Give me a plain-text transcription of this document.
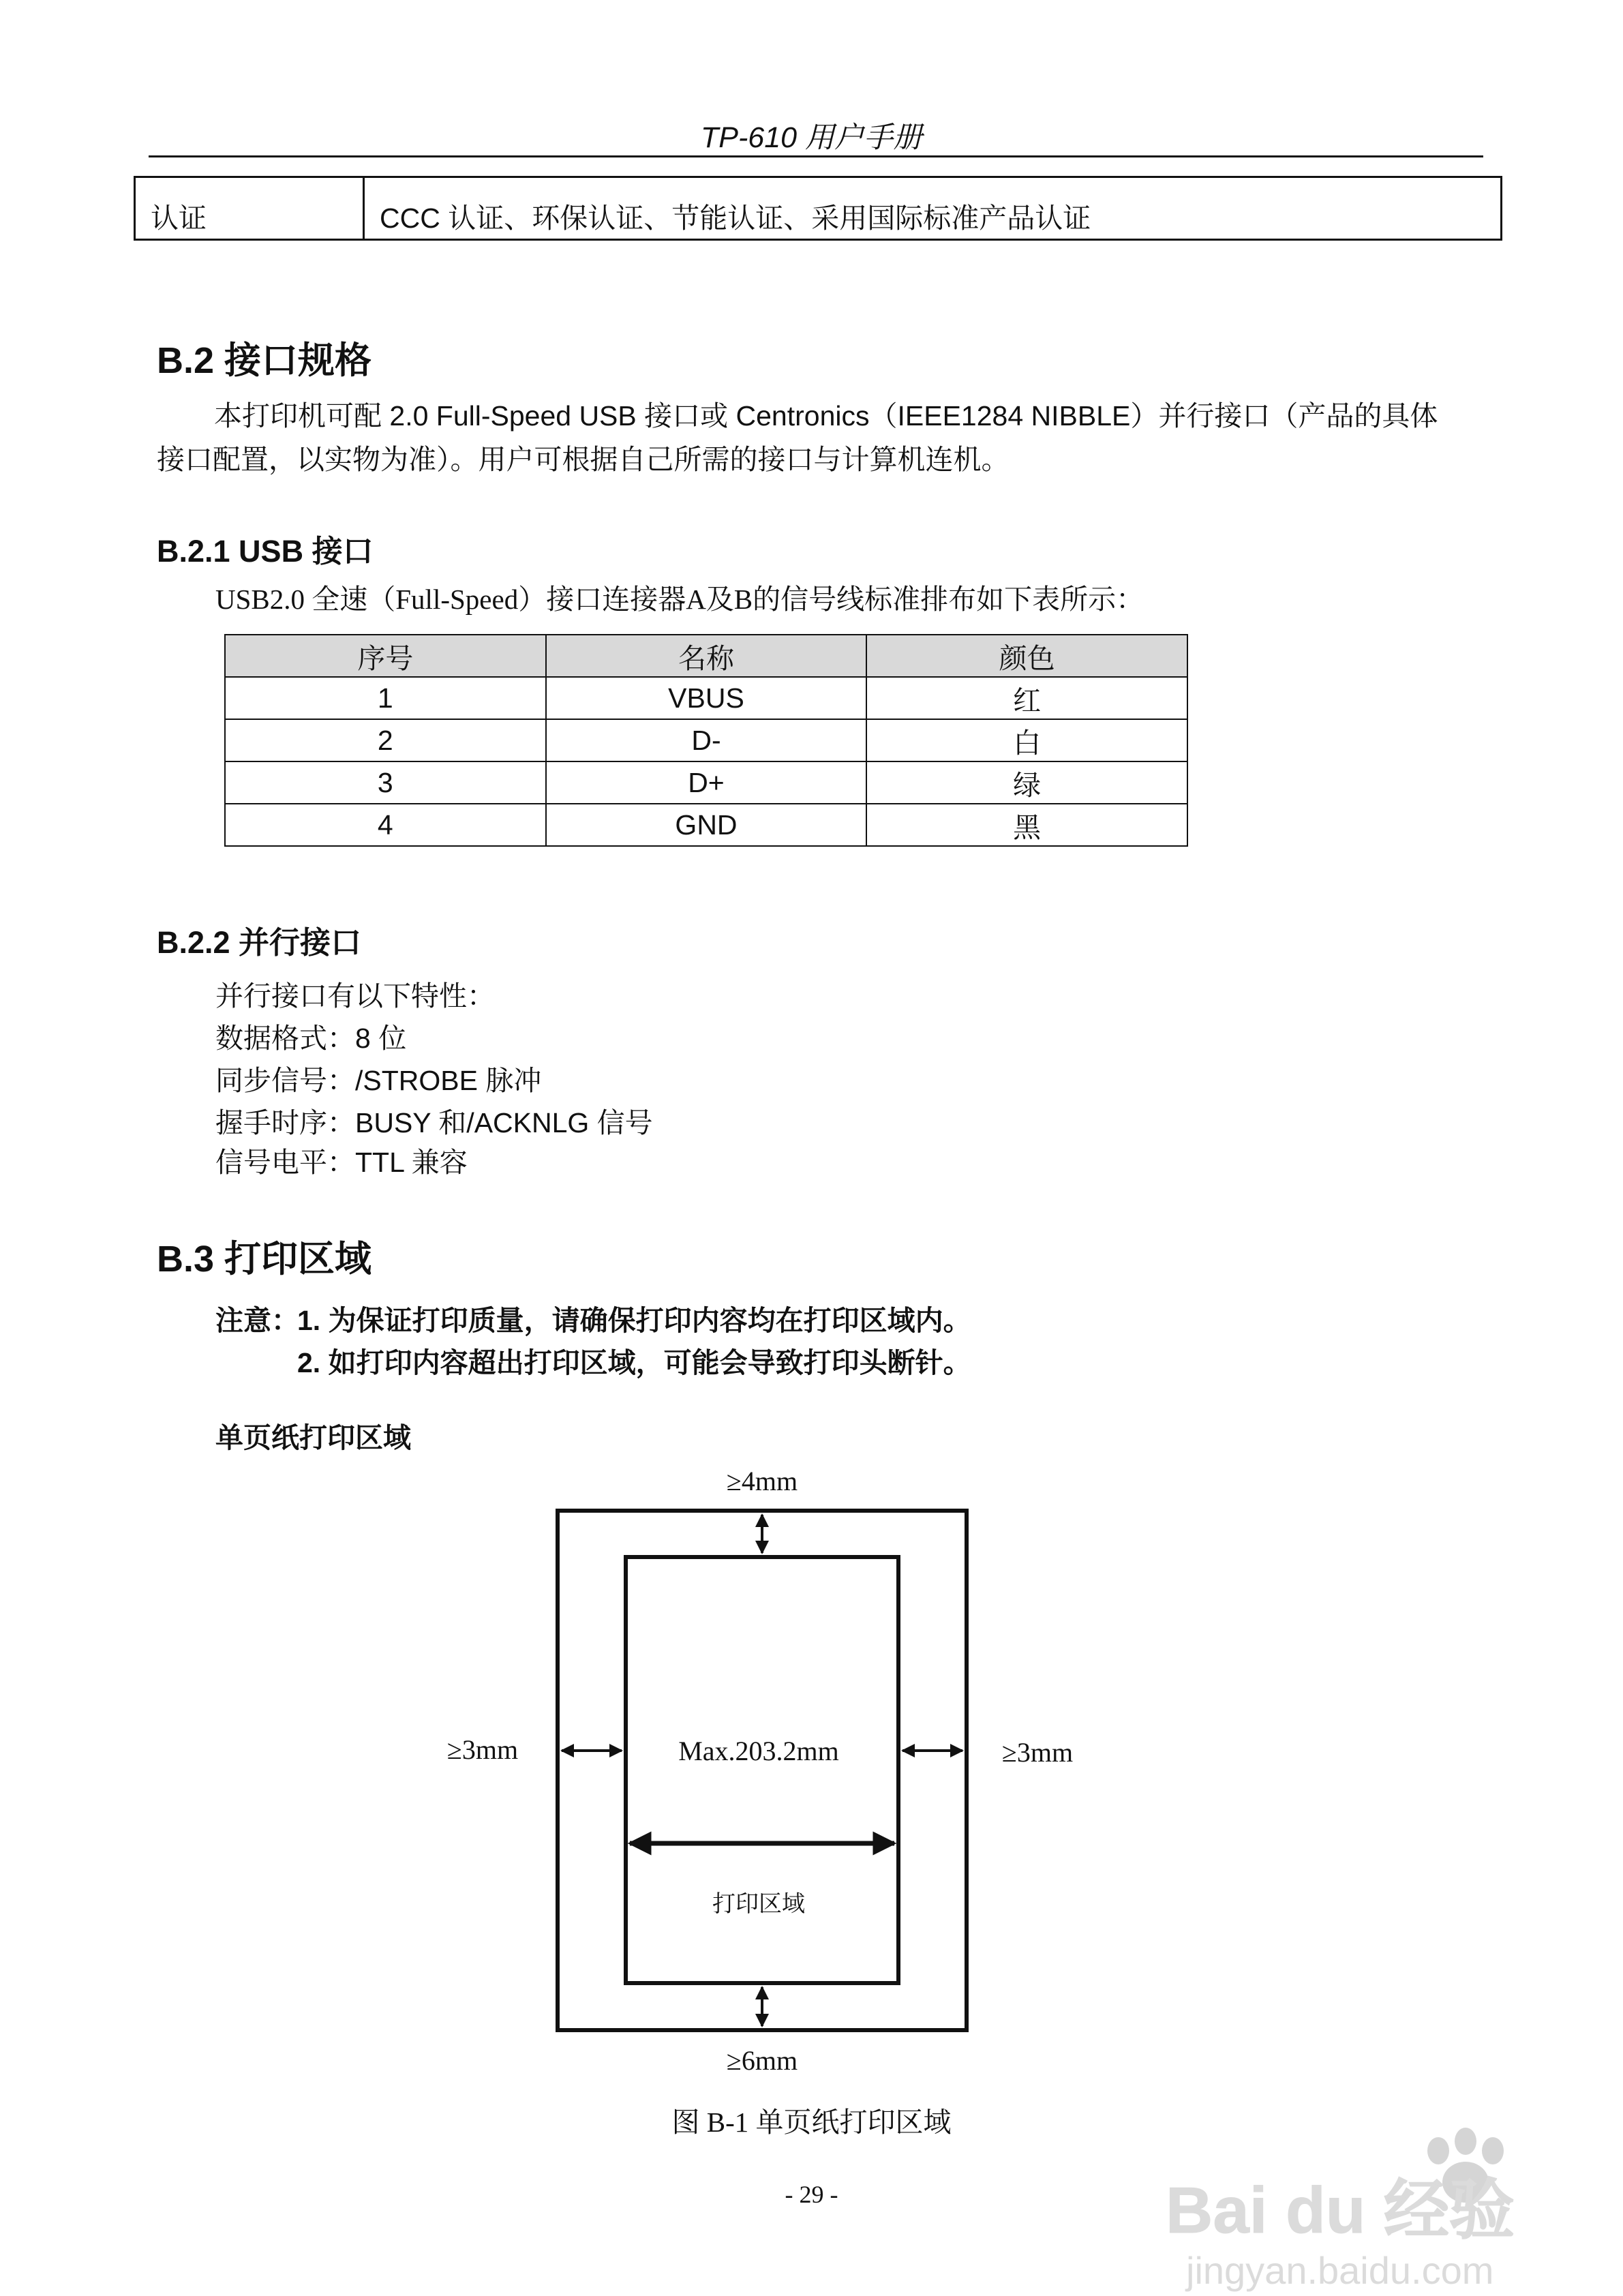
TP-610 用户手册
认证	CCC 认证、环保认证、节能认证、采用国际标准产品认证
B.2 接口规格
本打印机可配 2.0 Full-Speed USB 接口或 Centronics（IEEE1284 NIBBLE）并行接口（产品的具体
接口配置，以实物为准）。用户可根据自己所需的接口与计算机连机。
B.2.1 USB 接口
USB2.0 全速（Full-Speed）接口连接器A及B的信号线标准排布如下表所示：
序号	名称	颜色
1	VBUS	红
2	D-	白
3	D+	绿
4	GND	黑
B.2.2 并行接口
并行接口有以下特性：
数据格式：8 位
同步信号：/STROBE 脉冲
握手时序：BUSY 和/ACKNLG 信号
信号电平：TTL 兼容
B.3 打印区域
注意：
1. 为保证打印质量，请确保打印内容均在打印区域内。
2. 如打印内容超出打印区域，可能会导致打印头断针。
单页纸打印区域
≥4mm
≥3mm	≥3mm
≥6mm
Max.203.2mm
打印区域
图 B-1 单页纸打印区域
- 29 -	Bai du 经验
jingyan.baidu.com
